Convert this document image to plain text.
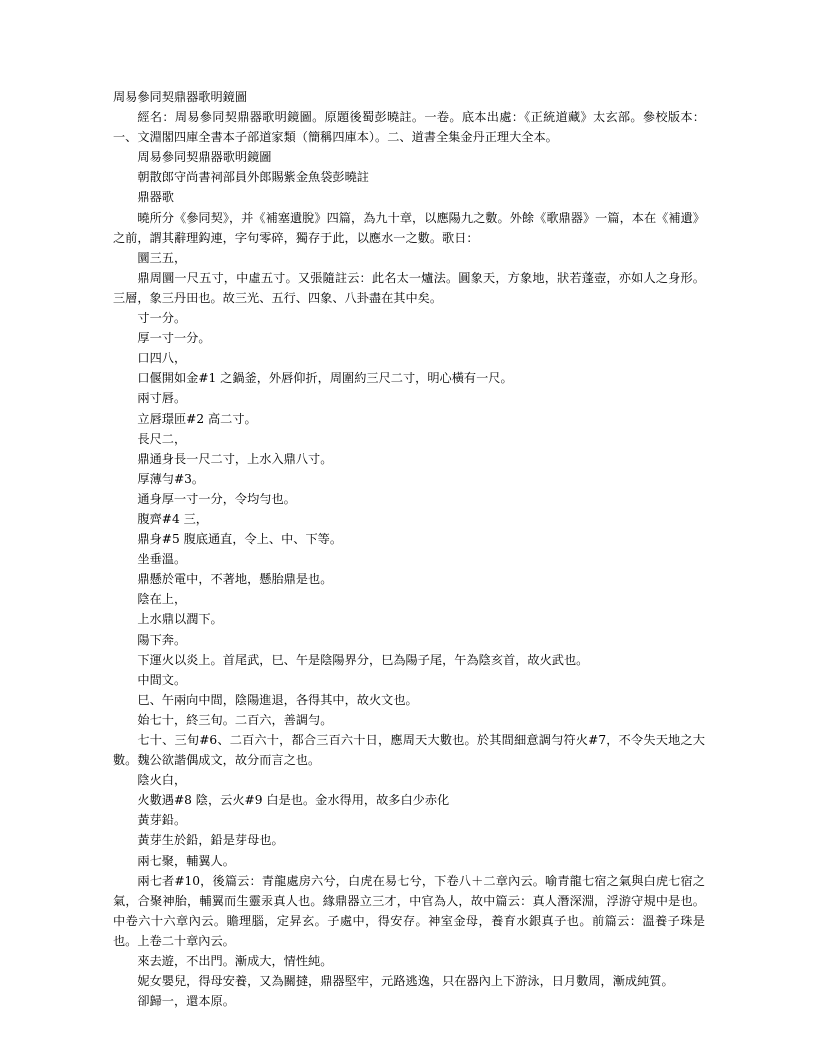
周易參同契鼎器歌明鏡圖

經名：周易參同契鼎器歌明鏡圖。原題後蜀彭曉註。一卷。底本出處：《正統道藏》太玄部。參校版本：一、文淵閣四庫全書本子部道家類（簡稱四庫本）。二、道書全集金丹正理大全本。

周易參同契鼎器歌明鏡圖

朝散郎守尚書祠部員外郎賜紫金魚袋彭曉註

鼎器歌

曉所分《參同契》，并《補塞遺脫》四篇，為九十章，以應陽九之數。外餘《歌鼎器》一篇，本在《補遺》之前，謂其辭理鈎連，字句零碎，獨存于此，以應水一之數。歌日：

圜三五，

鼎周圜一尺五寸，中虛五寸。又張隨註云：此名太一爐法。圓象天，方象地，狀若蓬壺，亦如人之身形。三層，象三丹田也。故三光、五行、四象、八卦盡在其中矣。

寸一分。

厚一寸一分。

口四八，

口偃開如金#1 之鍋釜，外唇仰折，周圍約三尺二寸，明心橫有一尺。

兩寸唇。

立唇璟匝#2 高二寸。

長尺二，

鼎通身長一尺二寸，上水入鼎八寸。

厚薄勻#3。

通身厚一寸一分，令均勻也。

腹齊#4 三，

鼎身#5 腹底通直，令上、中、下等。

坐垂溫。

鼎懸於電中，不著地，懸胎鼎是也。

陰在上，

上水鼎以潤下。

陽下奔。

下運火以炎上。首尾武，巳、午是陰陽界分，巳為陽子尾，午為陰亥首，故火武也。

中間文。

巳、午兩向中間，陰陽進退，各得其中，故火文也。

始七十，終三旬。二百六，善調勻。

七十、三旬#6、二百六十，都合三百六十日，應周天大數也。於其間細意調勻符火#7，不令失天地之大數。魏公欲諧偶成文，故分而言之也。

陰火白，

火數遇#8 陰，云火#9 白是也。金水得用，故多白少赤化

黃芽鉛。

黃芽生於鉛，鉛是芽母也。

兩七聚，輔翼人。

兩七者#10，後篇云：青龍處房六兮，白虎在易七兮，下卷八＋二章內云。喻青龍七宿之氣與白虎七宿之氣，合聚神胎，輔翼而生靈汞真人也。緣鼎器立三才，中官為人，故中篇云：真人潛深淵，浮游守規中是也。中卷六十六章內云。贍理腦，定昇玄。子處中，得安存。神室金母，養育水銀真子也。前篇云：溫養子珠是也。上卷二十章內云。

來去遊，不出門。漸成大，情性純。

妮女嬰兒，得母安養，又為關撻，鼎器堅牢，元路逃逸，只在器內上下游泳，日月數周，漸成純質。

卻歸一，還本原。
